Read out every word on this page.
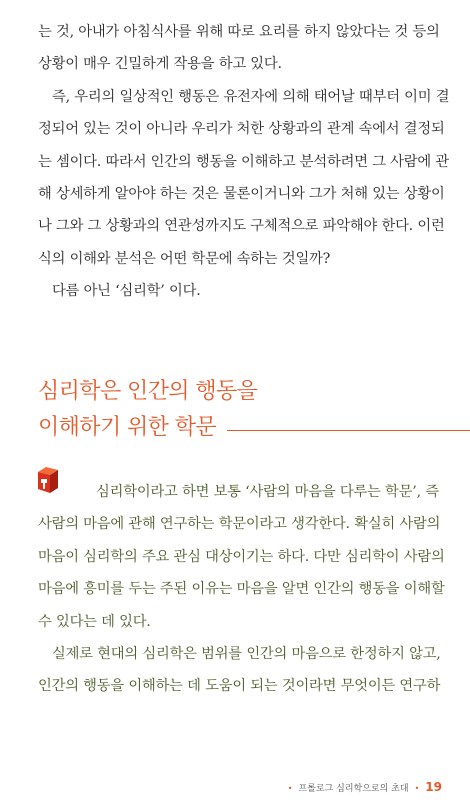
는 것, 아내가 아침식사를 위해 따로 요리를 하지 않았다는 것 등의
상황이 매우 긴밀하게 작용을 하고 있다.
즉, 우리의 일상적인 행동은 유전자에 의해 태어날 때부터 이미 결
정되어 있는 것이 아니라 우리가 처한 상황과의 관계 속에서 결정되
는 셈이다. 따라서 인간의 행동을 이해하고 분석하려면 그 사람에 관
해 상세하게 알아야 하는 것은 물론이거니와 그가 처해 있는 상황이
나 그와 그 상황과의 연관성까지도 구체적으로 파악해야 한다. 이런
식의 이해와 분석은 어떤 학문에 속하는 것일까?
다름 아닌 ‘심리학’ 이다.
심리학은 인간의 행동을
이해하기 위한 학문
심리학이라고 하면 보통 ‘사람의 마음을 다루는 학문’, 즉
사람의 마음에 관해 연구하는 학문이라고 생각한다. 확실히 사람의
마음이 심리학의 주요 관심 대상이기는 하다. 다만 심리학이 사람의
마음에 흥미를 두는 주된 이유는 마음을 알면 인간의 행동을 이해할
수 있다는 데 있다.
실제로 현대의 심리학은 범위를 인간의 마음으로 한정하지 않고,
인간의 행동을 이해하는 데 도움이 되는 것이라면 무엇이든 연구하
• 프롤로그 심리학으로의 초대 • 19
